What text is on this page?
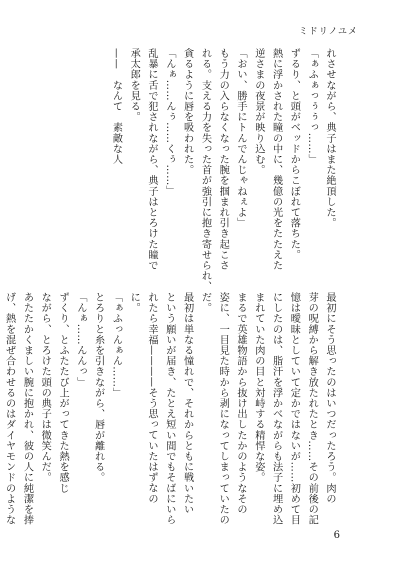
ミドリノユメ
れさせながら、典子はまた絶頂した。
「ぁふぁっぅぅっ……」
ずるり、と頭がベッドからこぼれて落ちた。
熱に浮かされた瞳の中に、幾億の光をたたえた
逆さまの夜景が映り込む。
「おい、勝手にトんでんじゃねぇよ」
もう力の入らなくなった腕を掴まれ引き起こさ
れる。支える力を失った首が強引に抱き寄せられ、
貪るように唇を吸われた。
「んぁ……んぅ……くぅ……」
乱暴に舌で犯されながら、典子はとろけた瞳で
承太郎を見る。
——　なんて　素敵な人
最初にそう思ったのはいつだったろう。肉の
芽の呪縛から解き放たれたとき……その前後の記
憶は曖昧としていて定かではないが……初めて目
にしたのは、脂汗を浮かべながらも法子に埋め込
まれていた肉の目と対峙する精悍な姿。
まるで英雄物語から抜け出したかのようなその
姿に、一目見た時から剥になってしまっていたの
だ。
最初は単なる憧れで、それからともに戦いたい
という願いが届き、たとえ短い間でもそばにいら
れたら幸福————そう思っていたはずなの
に。
「ぁふっんぁん……」
とろりと糸を引きながら、唇が離れる。
「んぁ……んんっ」
ずくり、とふたたび上がってきた熱を感じ
ながら、とろけた頭の典子は微笑んだ。
あたたかくましい腕に抱かれ、彼の人に純潔を捧
げ、熱を混ぜ合わせるのはダイヤモンドのような
6
